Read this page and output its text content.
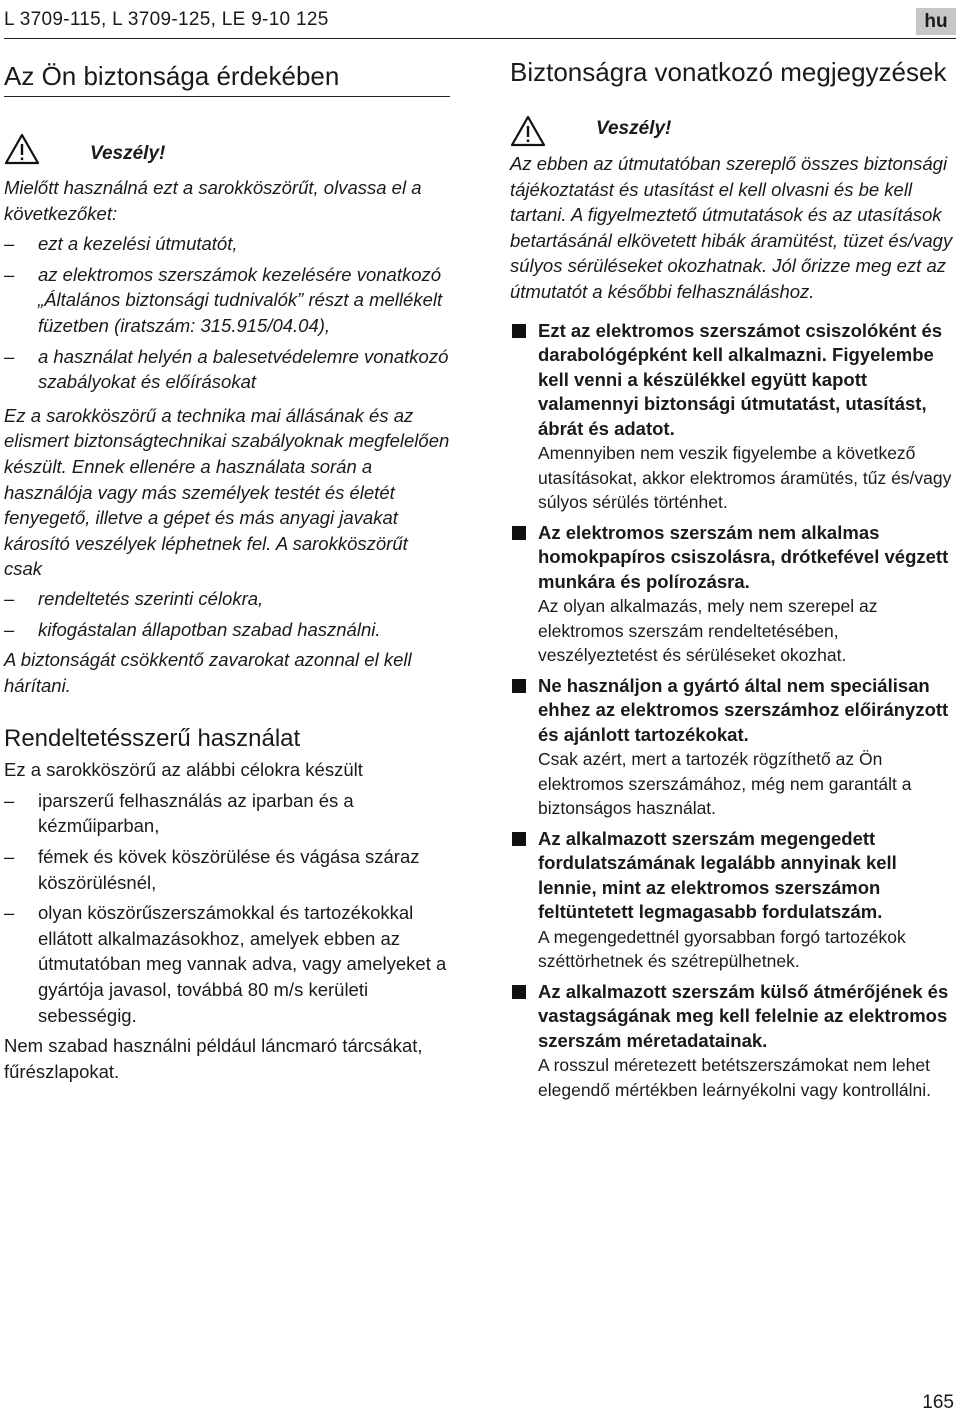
L 3709-115, L 3709-125, LE 9-10 125	hu
Az Ön biztonsága érdekében
Veszély!

Mielőtt használná ezt a sarokköszörűt, olvassa el a következőket:

– ezt a kezelési útmutatót,
– az elektromos szerszámok kezelésére vonatkozó „Általános biztonsági tudnivalók” részt a mellékelt füzetben (iratszám: 315.915/04.04),
– a használat helyén a balesetvédelemre vonatkozó szabályokat és előírásokat

Ez a sarokköszörű a technika mai állásának és az elismert biztonságtechnikai szabályoknak megfelelően készült. Ennek ellenére a használata során a használója vagy más személyek testét és életét fenyegető, illetve a gépet és más anyagi javakat károsító veszélyek léphetnek fel. A sarokköszörűt csak

– rendeltetés szerinti célokra,
– kifogástalan állapotban szabad használni.

A biztonságát csökkentő zavarokat azonnal el kell hárítani.

Rendeltetésszerű használat

Ez a sarokköszörű az alábbi célokra készült

– iparszerű felhasználás az iparban és a kézműiparban,
– fémek és kövek köszörülése és vágása száraz köszörülésnél,
– olyan köszörűszerszámokkal és tartozékokkal ellátott alkalmazásokhoz, amelyek ebben az útmutatóban meg vannak adva, vagy amelyeket a gyártója javasol, továbbá 80 m/s kerületi sebességig.

Nem szabad használni például láncmaró tárcsákat, fűrészlapokat.

Biztonságra vonatkozó megjegyzések
Veszély!

Az ebben az útmutatóban szereplő összes biztonsági tájékoztatást és utasítást el kell olvasni és be kell tartani. A figyelmeztető útmutatások és az utasítások betartásánál elkövetett hibák áramütést, tüzet és/vagy súlyos sérüléseket okozhatnak. Jól őrizze meg ezt az útmutatót a későbbi felhasználáshoz.

Ezt az elektromos szerszámot csiszolóként és darabológépként kell alkalmazni. Figyelembe kell venni a készülékkel együtt kapott valamennyi biztonsági útmutatást, utasítást, ábrát és adatot.
Amennyiben nem veszik figyelembe a következő utasításokat, akkor elektromos áramütés, tűz és/vagy súlyos sérülés történhet.
Az elektromos szerszám nem alkalmas homokpapíros csiszolásra, drótkefével végzett munkára és polírozásra.
Az olyan alkalmazás, mely nem szerepel az elektromos szerszám rendeltetésében, veszélyeztetést és sérüléseket okozhat.
Ne használjon a gyártó által nem speciálisan ehhez az elektromos szerszámhoz előirányzott és ajánlott tartozékokat.
Csak azért, mert a tartozék rögzíthető az Ön elektromos szerszámához, még nem garantált a biztonságos használat.
Az alkalmazott szerszám megengedett fordulatszámának legalább annyinak kell lennie, mint az elektromos szerszámon feltüntetett legmagasabb fordulatszám.
A megengedettnél gyorsabban forgó tartozékok széttörhetnek és szétrepülhetnek.
Az alkalmazott szerszám külső átmérőjének és vastagságának meg kell felelnie az elektromos szerszám méretadatainak.
A rosszul méretezett betétszerszámokat nem lehet elegendő mértékben leárnyékolni vagy kontrollálni.
165
